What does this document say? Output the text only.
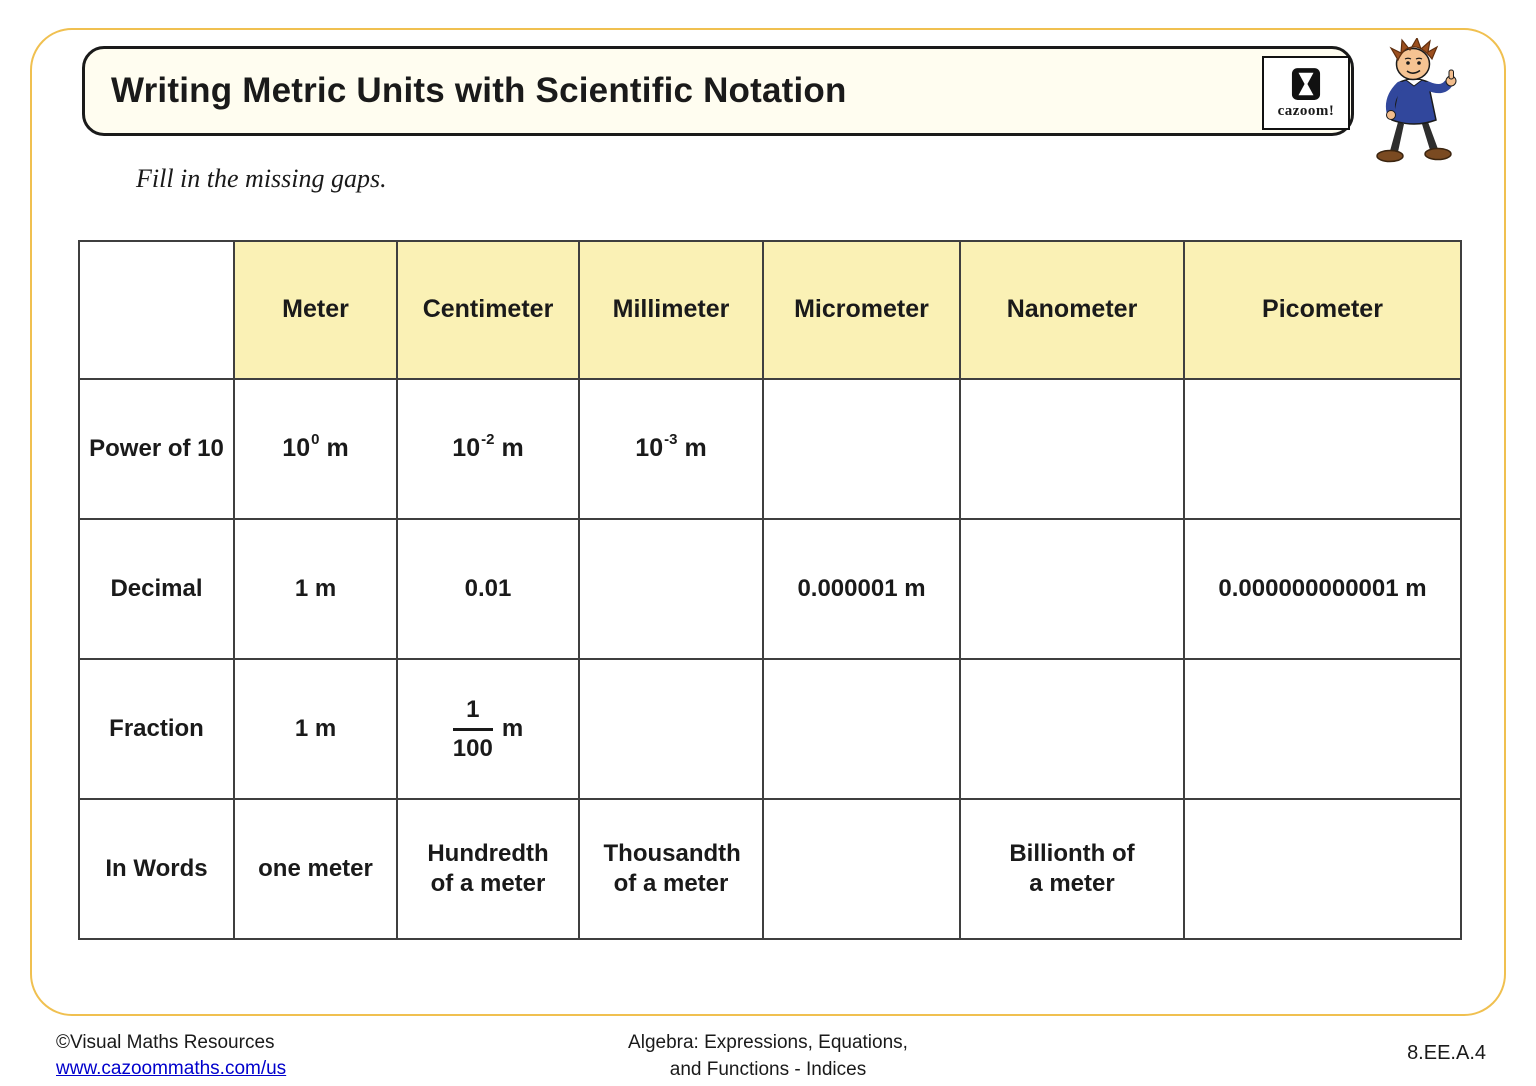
Writing Metric Units with Scientific Notation
cazoom!
Fill in the missing gaps.
	Meter	Centimeter	Millimeter	Micrometer	Nanometer	Picometer
Power of 10	$10^0$ m	$10^{-2}$ m	$10^{-3}$ m			
Decimal	1 m	0.01		0.000001 m		0.000000000001 m
Fraction	1 m	$\frac{1}{100}$ m				

In Words	one meter	Hundredth of a meter	Thousandth of a meter		Billionth of a meter	
©Visual Maths Resources
www.cazoommaths.com/us
Algebra: Expressions, Equations,
and Functions - Indices
8.EE.A.4
